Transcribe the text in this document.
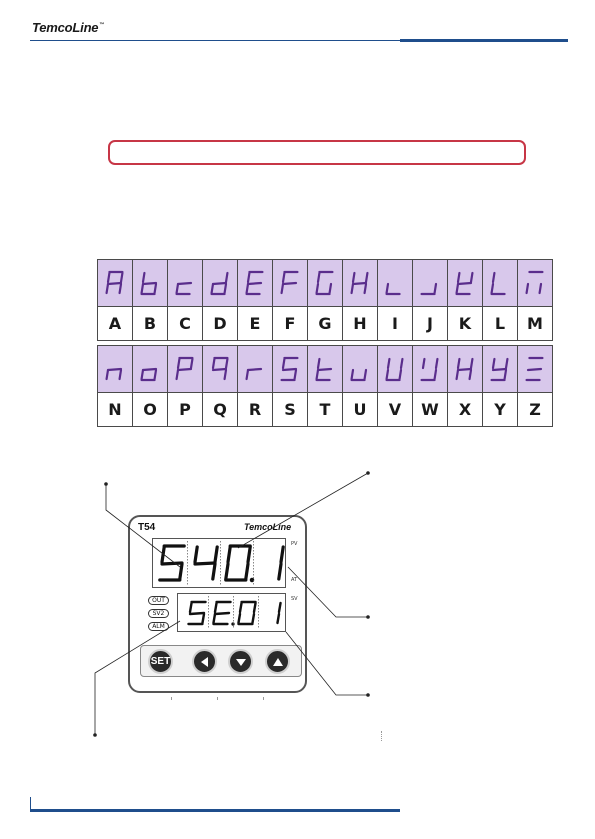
TemcoLine™

A	B	C	D	E	F	G	H	I	J	K	L	M

N	O	P	Q	R	S	T	U	V	W	X	Y	Z
T54	TemcoLine
PV
AT
SV
OUT
SV2
ALM
SET
